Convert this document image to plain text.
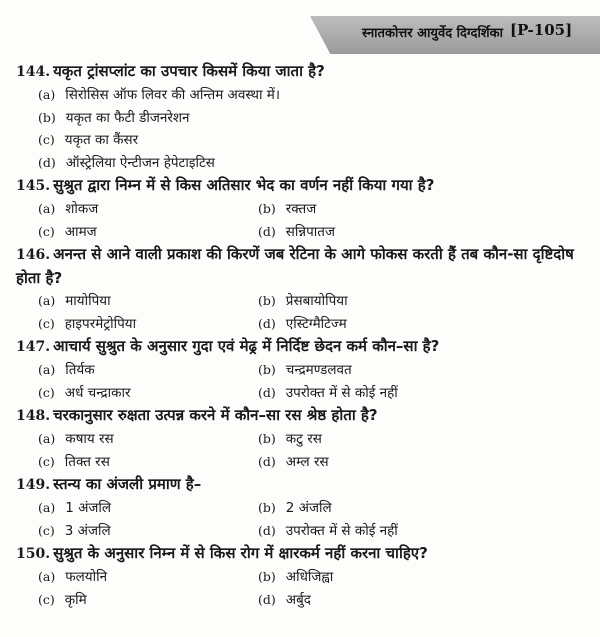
स्नातकोत्तर आयुर्वेद दिग्दर्शिका [P-105]
144. यकृत ट्रांसप्लांट का उपचार किसमें किया जाता है?
(a) सिरोसिस ऑफ लिवर की अन्तिम अवस्था में।
(b) यकृत का फैटी डीजनरेशन
(c) यकृत का कैंसर
(d) ऑस्ट्रेलिया ऐन्टीजन हेपेटाइटिस
145. सुश्रुत द्वारा निम्न में से किस अतिसार भेद का वर्णन नहीं किया गया है?
(a) शोकज	(b) रक्तज
(c) आमज	(d) सन्निपातज
146. अनन्त से आने वाली प्रकाश की किरणें जब रेटिना के आगे फोकस करती हैं तब कौन-सा दृष्टिदोष होता है?
(a) मायोपिया	(b) प्रेसबायोपिया
(c) हाइपरमेट्रोपिया	(d) एस्टिग्मैटिज्म
147. आचार्य सुश्रुत के अनुसार गुदा एवं मेढ्र में निर्दिष्ट छेदन कर्म कौन–सा है?
(a) तिर्यक	(b) चन्द्रमण्डलवत
(c) अर्ध चन्द्राकार	(d) उपरोक्त में से कोई नहीं
148. चरकानुसार रुक्षता उत्पन्न करने में कौन–सा रस श्रेष्ठ होता है?
(a) कषाय रस	(b) कटु रस
(c) तिक्त रस	(d) अम्ल रस
149. स्तन्य का अंजली प्रमाण है–
(a) 1 अंजलि	(b) 2 अंजलि
(c) 3 अंजलि	(d) उपरोक्त में से कोई नहीं
150. सुश्रुत के अनुसार निम्न में से किस रोग में क्षारकर्म नहीं करना चाहिए?
(a) फलयोनि	(b) अधिजिह्वा
(c) कृमि	(d) अर्बुद
